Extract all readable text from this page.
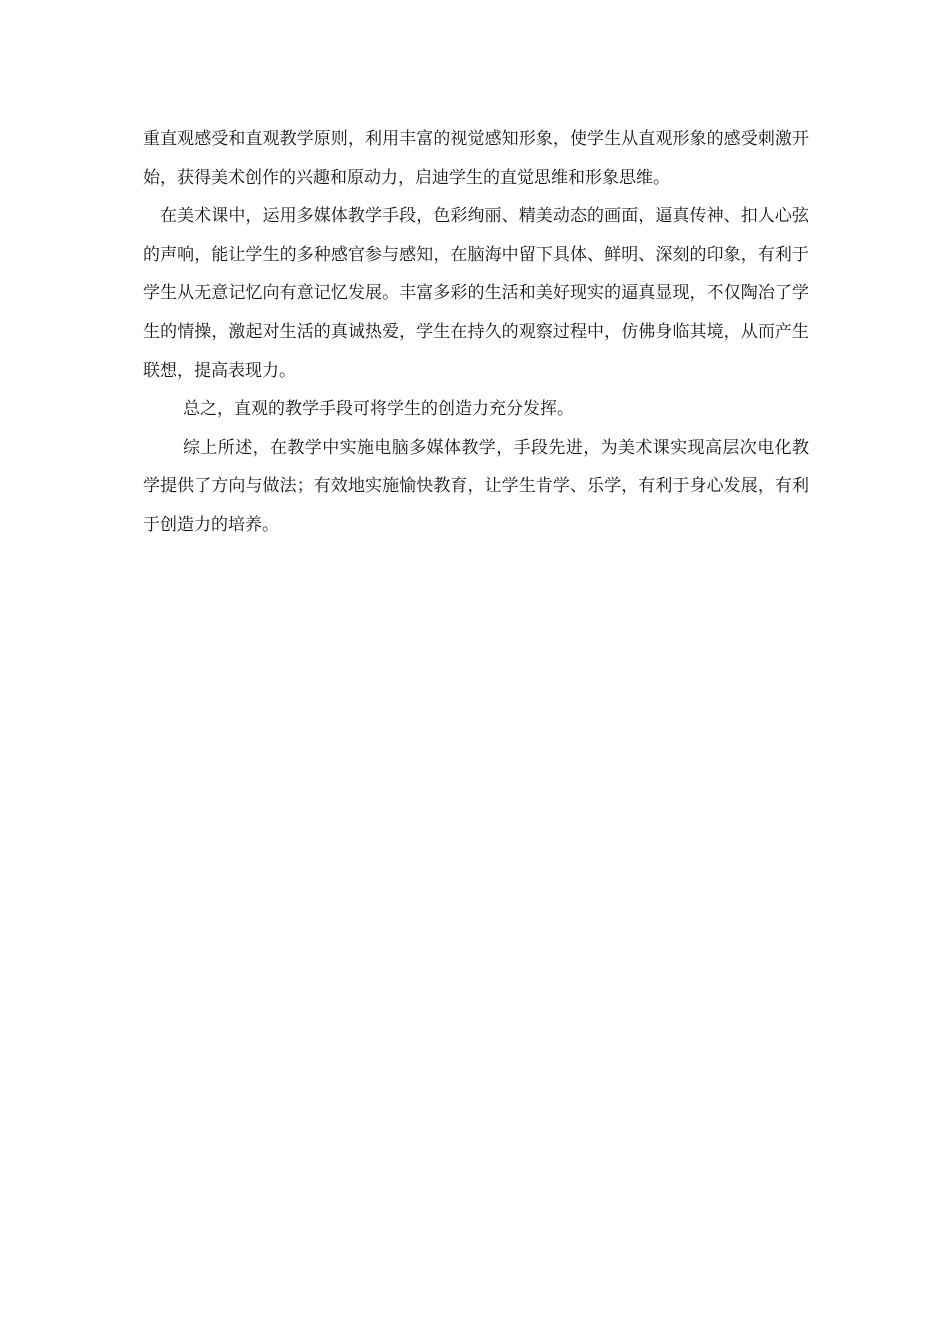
重直观感受和直观教学原则，利用丰富的视觉感知形象，使学生从直观形象的感受刺激开始，获得美术创作的兴趣和原动力，启迪学生的直觉思维和形象思维。

在美术课中，运用多媒体教学手段，色彩绚丽、精美动态的画面，逼真传神、扣人心弦的声响，能让学生的多种感官参与感知，在脑海中留下具体、鲜明、深刻的印象，有利于学生从无意记忆向有意记忆发展。丰富多彩的生活和美好现实的逼真显现，不仅陶冶了学生的情操，激起对生活的真诚热爱，学生在持久的观察过程中，仿佛身临其境，从而产生联想，提高表现力。

总之，直观的教学手段可将学生的创造力充分发挥。

综上所述，在教学中实施电脑多媒体教学，手段先进，为美术课实现高层次电化教学提供了方向与做法；有效地实施愉快教育，让学生肯学、乐学，有利于身心发展，有利于创造力的培养。
